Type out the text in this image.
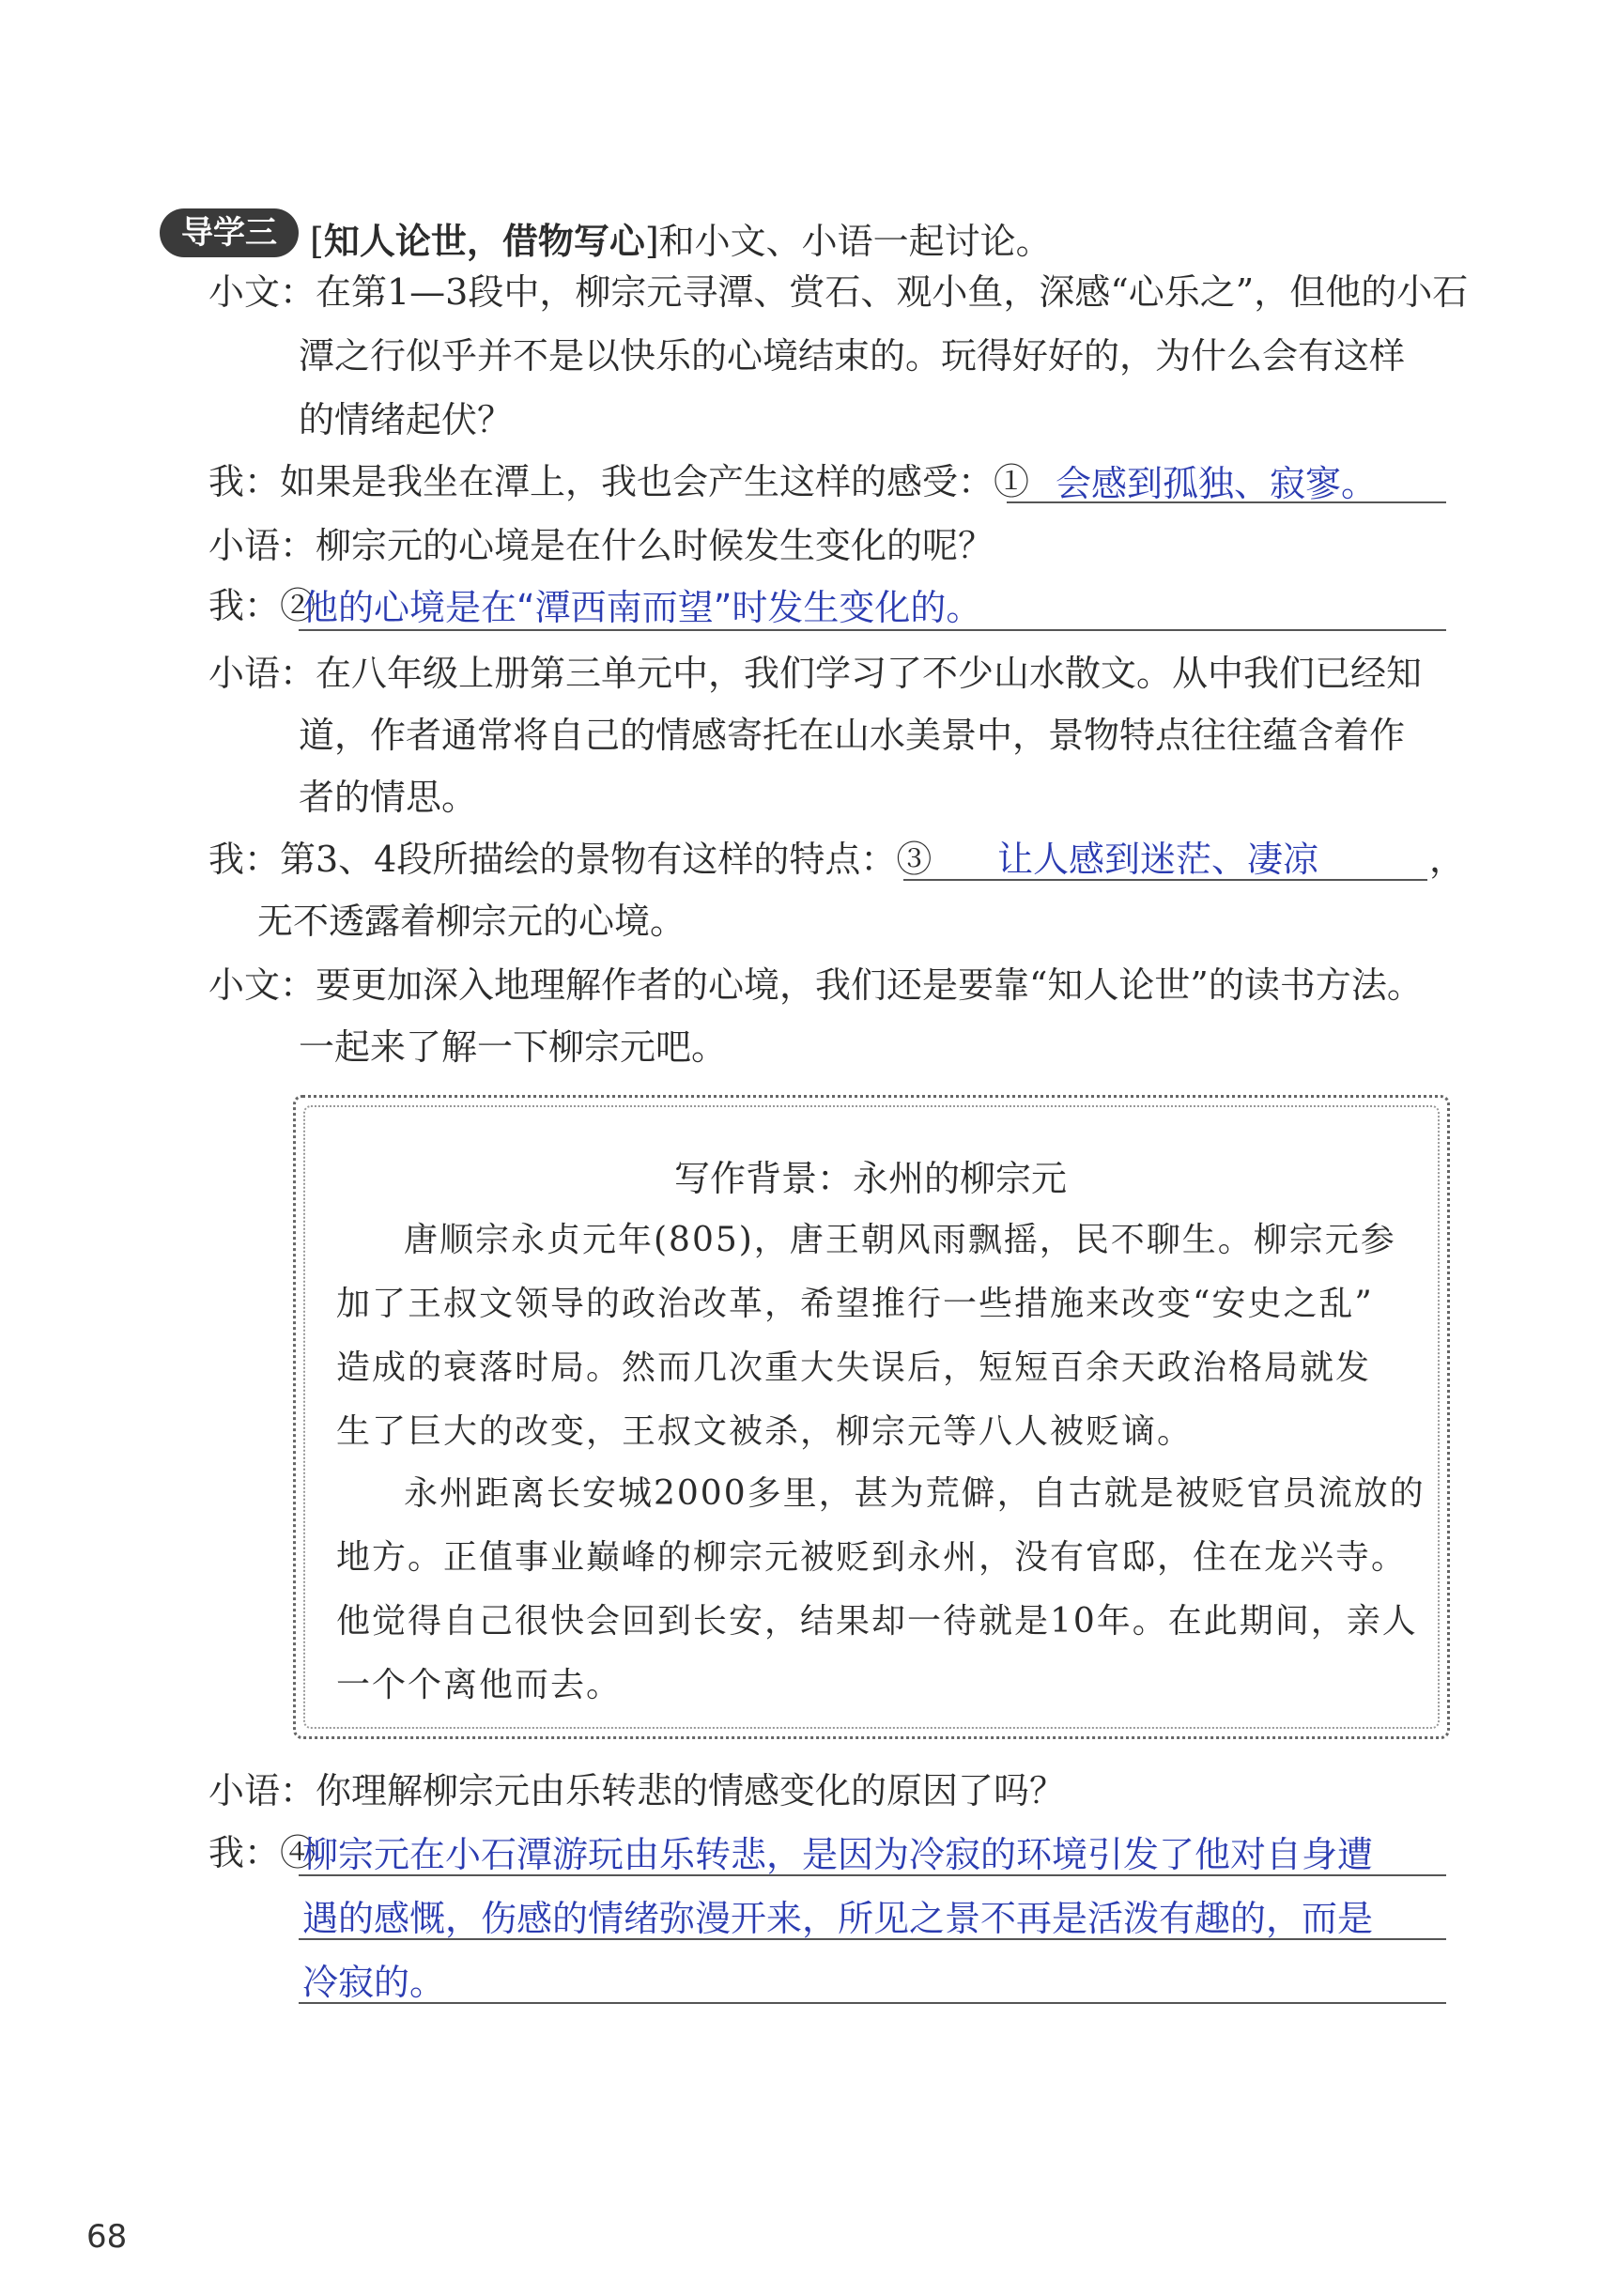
导学三 [知人论世，借物写心]和小文、小语一起讨论。
小文：在第1—3段中，柳宗元寻潭、赏石、观小鱼，深感“心乐之”，但他的小石
潭之行似乎并不是以快乐的心境结束的。玩得好好的，为什么会有这样
的情绪起伏？
我：如果是我坐在潭上，我也会产生这样的感受：① 会感到孤独、寂寥。
小语：柳宗元的心境是在什么时候发生变化的呢？
我：②
他的心境是在“潭西南而望”时发生变化的。
小语：在八年级上册第三单元中，我们学习了不少山水散文。从中我们已经知
道，作者通常将自己的情感寄托在山水美景中，景物特点往往蕴含着作
者的情思。
我：第3、4段所描绘的景物有这样的特点：③ 让人感到迷茫、凄凉	，
无不透露着柳宗元的心境。
小文：要更加深入地理解作者的心境，我们还是要靠“知人论世”的读书方法。
一起来了解一下柳宗元吧。
写作背景：永州的柳宗元
唐顺宗永贞元年(805)，唐王朝风雨飘摇，民不聊生。柳宗元参
加了王叔文领导的政治改革，希望推行一些措施来改变“安史之乱”
造成的衰落时局。然而几次重大失误后，短短百余天政治格局就发
生了巨大的改变，王叔文被杀，柳宗元等八人被贬谪。
永州距离长安城2000多里，甚为荒僻，自古就是被贬官员流放的
地方。正值事业巅峰的柳宗元被贬到永州，没有官邸，住在龙兴寺。
他觉得自己很快会回到长安，结果却一待就是10年。在此期间，亲人
一个个离他而去。
小语：你理解柳宗元由乐转悲的情感变化的原因了吗？
我：④
柳宗元在小石潭游玩由乐转悲，是因为冷寂的环境引发了他对自身遭
遇的感慨，伤感的情绪弥漫开来，所见之景不再是活泼有趣的，而是
冷寂的。
68
